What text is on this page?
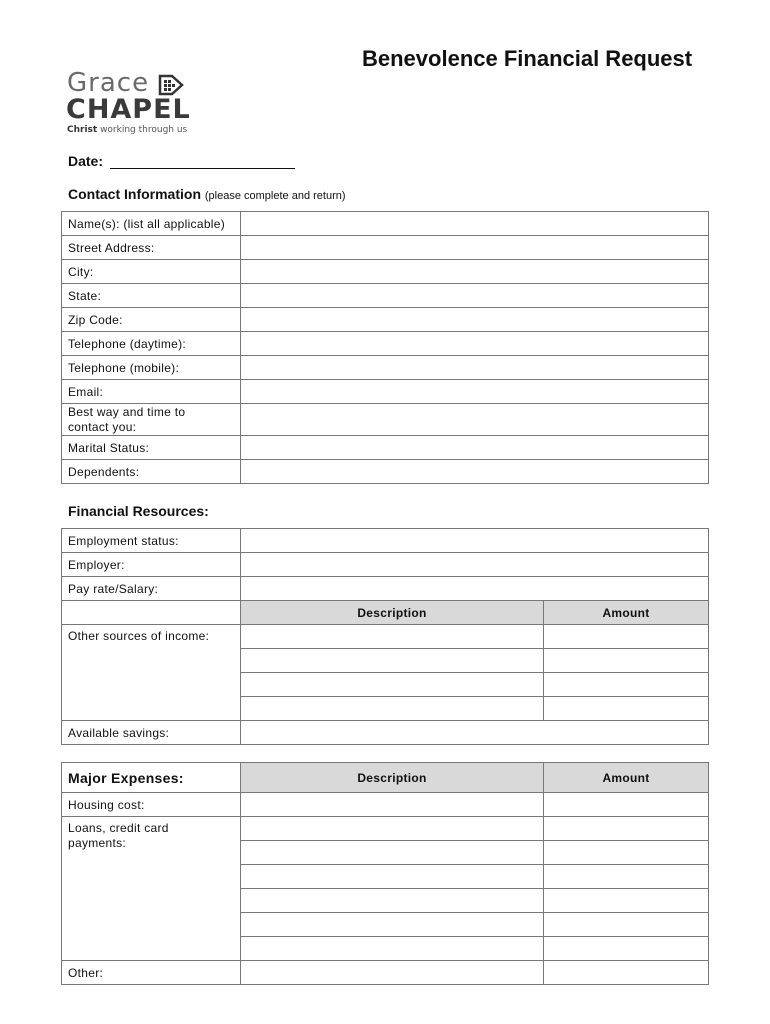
Benevolence Financial Request
Grace
CHAPEL
Christ working through us
Date:
Contact Information (please complete and return)
Name(s): (list all applicable)	
Street Address:	
City:	
State:	
Zip Code:	
Telephone (daytime):	
Telephone (mobile):	
Email:	
Best way and time to contact you:	
Marital Status:	
Dependents:	
Financial Resources:
Employment status:		
Employer:		
Pay rate/Salary:		
	Description	Amount
Other sources of income:		

Available savings:		
Major Expenses:	Description	Amount
Housing cost:		
Loans, credit card payments:		

Other:		
